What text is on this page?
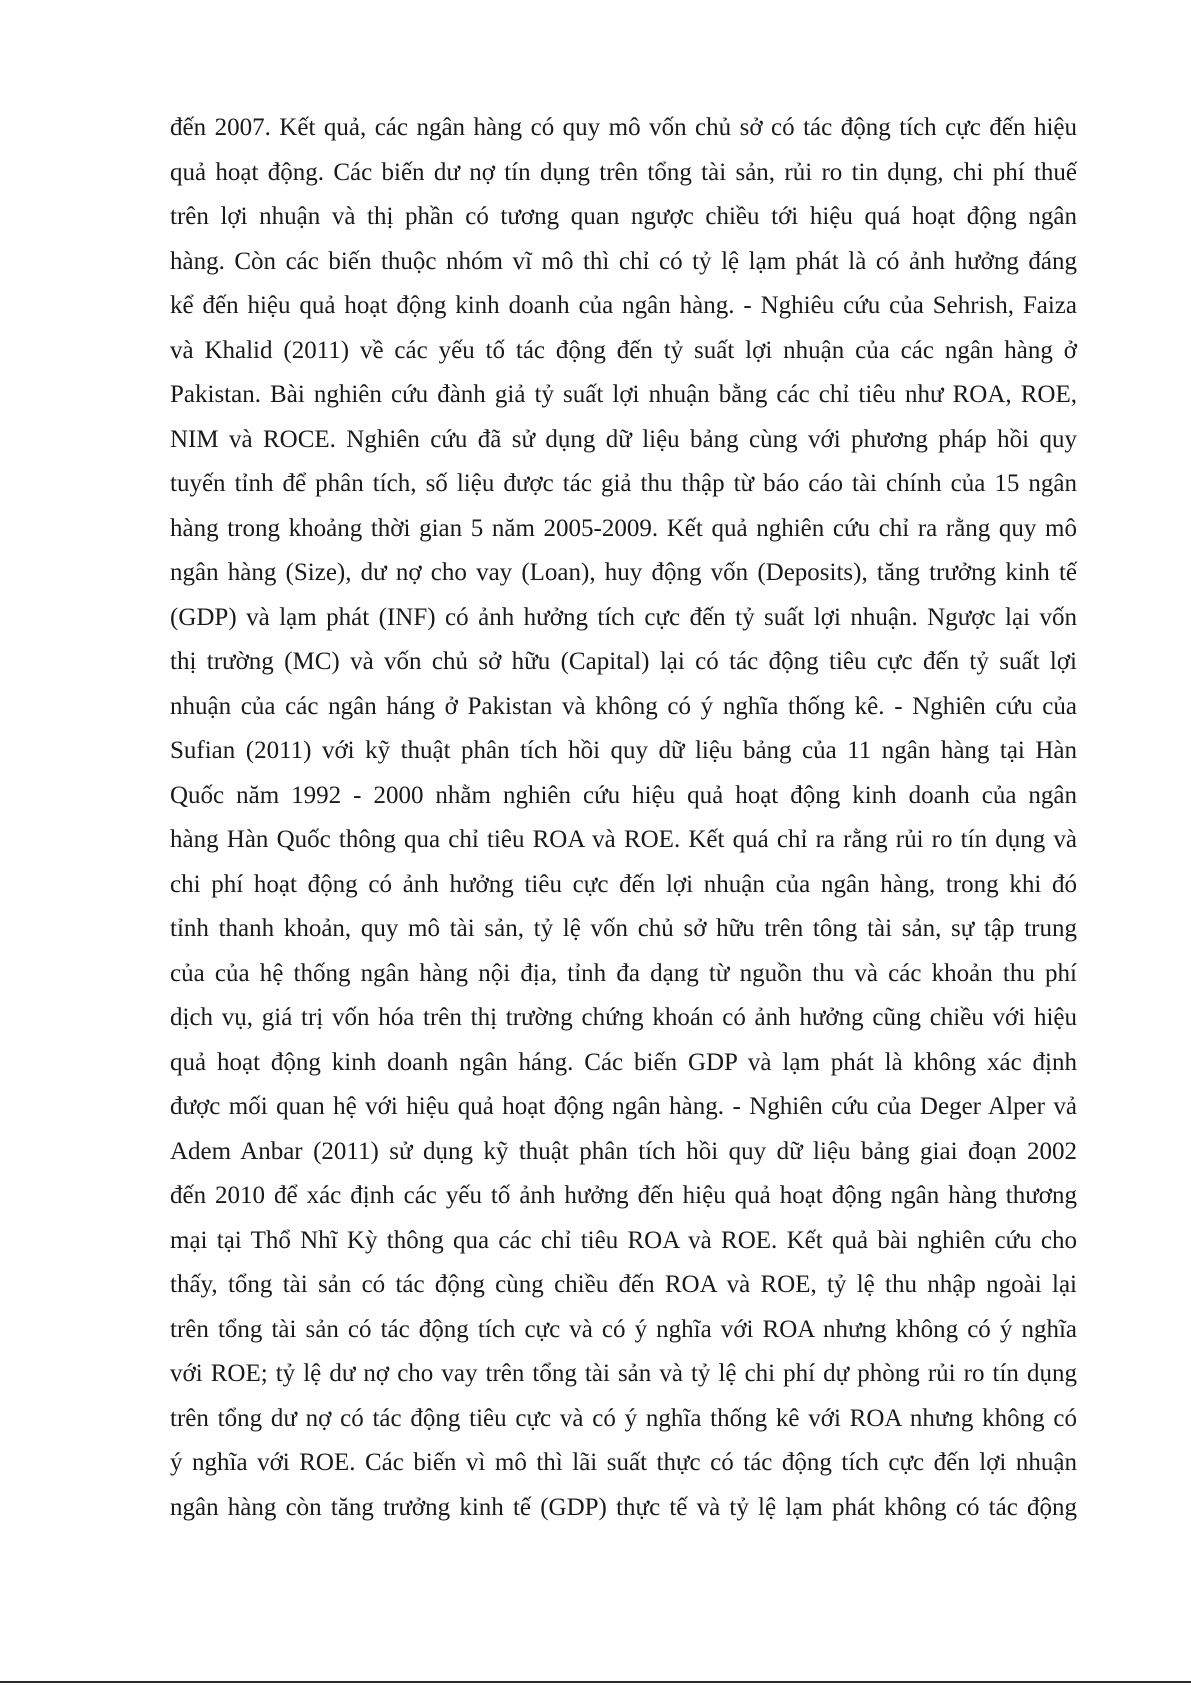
đến 2007. Kết quả, các ngân hàng có quy mô vốn chủ sở có tác động tích cực đến hiệu
quả hoạt động. Các biến dư nợ tín dụng trên tổng tài sản, rủi ro tin dụng, chi phí thuế
trên lợi nhuận và thị phần có tương quan ngược chiều tới hiệu quá hoạt động ngân
hàng. Còn các biến thuộc nhóm vĩ mô thì chỉ có tỷ lệ lạm phát là có ảnh hưởng đáng
kể đến hiệu quả hoạt động kinh doanh của ngân hàng. - Nghiêu cứu của Sehrish, Faiza
và Khalid (2011) về các yếu tố tác động đến tỷ suất lợi nhuận của các ngân hàng ở
Pakistan. Bài nghiên cứu đành giả tỷ suất lợi nhuận bằng các chỉ tiêu như ROA, ROE,
NIM và ROCE. Nghiên cứu đã sử dụng dữ liệu bảng cùng với phương pháp hồi quy
tuyến tỉnh để phân tích, số liệu được tác giả thu thập từ báo cáo tài chính của 15 ngân
hàng trong khoảng thời gian 5 năm 2005-2009. Kết quả nghiên cứu chỉ ra rằng quy mô
ngân hàng (Size), dư nợ cho vay (Loan), huy động vốn (Deposits), tăng trưởng kinh tế
(GDP) và lạm phát (INF) có ảnh hưởng tích cực đến tỷ suất lợi nhuận. Ngược lại vốn
thị trường (MC) và vốn chủ sở hữu (Capital) lại có tác động tiêu cực đến tỷ suất lợi
nhuận của các ngân háng ở Pakistan và không có ý nghĩa thống kê. - Nghiên cứu của
Sufian (2011) với kỹ thuật phân tích hồi quy dữ liệu bảng của 11 ngân hàng tại Hàn
Quốc năm 1992 - 2000 nhằm nghiên cứu hiệu quả hoạt động kinh doanh của ngân
hàng Hàn Quốc thông qua chỉ tiêu ROA và ROE. Kết quá chỉ ra rằng rủi ro tín dụng và
chi phí hoạt động có ảnh hưởng tiêu cực đến lợi nhuận của ngân hàng, trong khi đó
tỉnh thanh khoản, quy mô tài sản, tỷ lệ vốn chủ sở hữu trên tông tài sản, sự tập trung
của của hệ thống ngân hàng nội địa, tỉnh đa dạng từ nguồn thu và các khoản thu phí
dịch vụ, giá trị vốn hóa trên thị trường chứng khoán có ảnh hưởng cũng chiều với hiệu
quả hoạt động kinh doanh ngân háng. Các biến GDP và lạm phát là không xác định
được mối quan hệ với hiệu quả hoạt động ngân hàng. - Nghiên cứu của Deger Alper vả
Adem Anbar (2011) sử dụng kỹ thuật phân tích hồi quy dữ liệu bảng giai đoạn 2002
đến 2010 để xác định các yếu tố ảnh hưởng đến hiệu quả hoạt động ngân hàng thương
mại tại Thổ Nhĩ Kỳ thông qua các chỉ tiêu ROA và ROE. Kết quả bài nghiên cứu cho
thấy, tổng tài sản có tác động cùng chiều đến ROA và ROE, tỷ lệ thu nhập ngoài lại
trên tổng tài sản có tác động tích cực và có ý nghĩa với ROA nhưng không có ý nghĩa
với ROE; tỷ lệ dư nợ cho vay trên tổng tài sản và tỷ lệ chi phí dự phòng rủi ro tín dụng
trên tổng dư nợ có tác động tiêu cực và có ý nghĩa thống kê với ROA nhưng không có
ý nghĩa với ROE. Các biến vì mô thì lãi suất thực có tác động tích cực đến lợi nhuận
ngân hàng còn tăng trưởng kinh tế (GDP) thực tế và tỷ lệ lạm phát không có tác động
